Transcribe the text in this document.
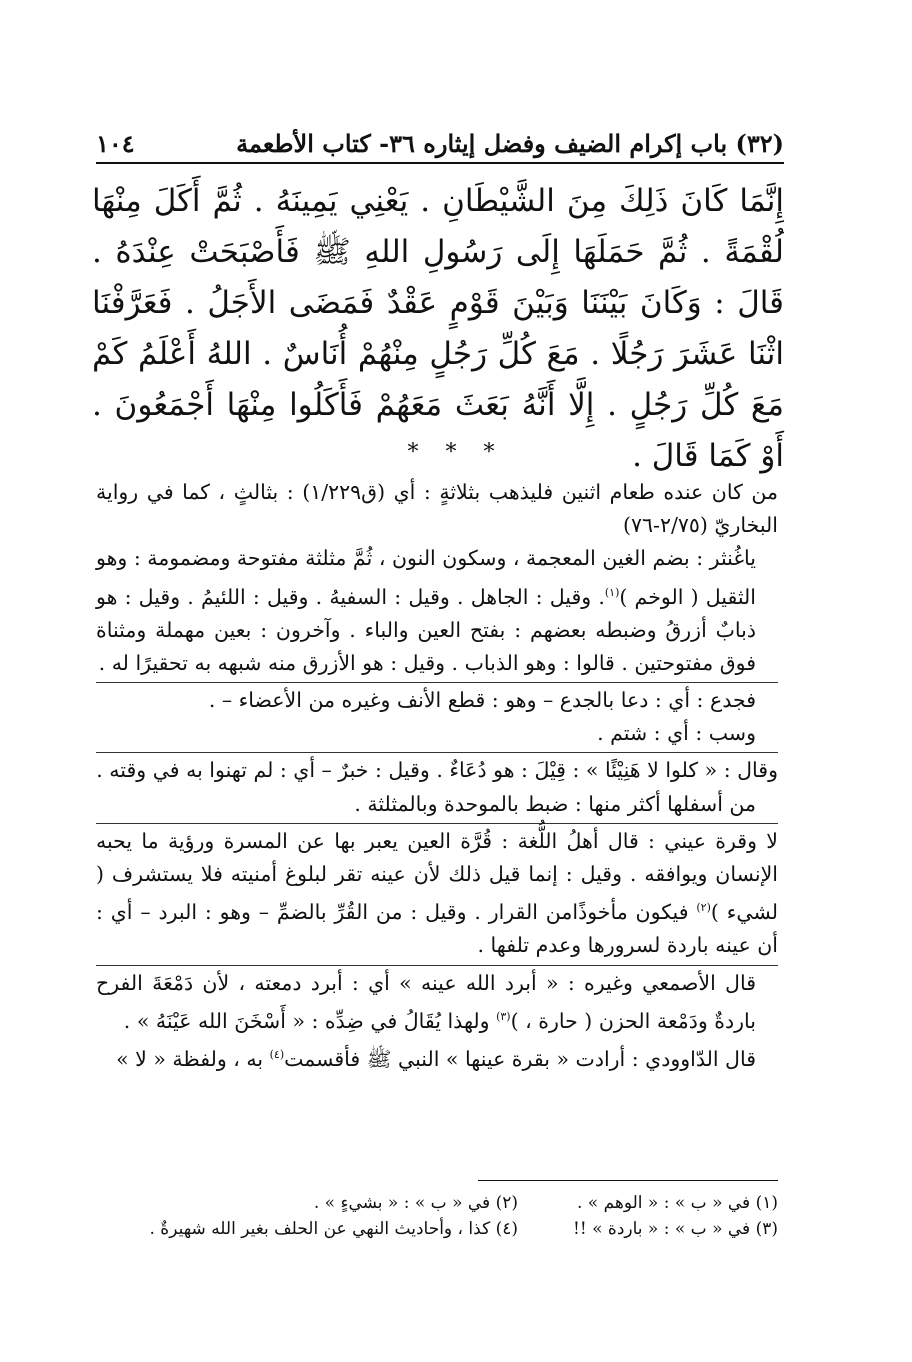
(٣٢) باب إكرام الضيف وفضل إيثاره ٣٦- كتاب الأطعمة
١٠٤
إِنَّمَا كَانَ ذَلِكَ مِنَ الشَّيْطَانِ . يَعْنِي يَمِينَهُ . ثُمَّ أَكَلَ مِنْهَا لُقْمَةً . ثُمَّ حَمَلَهَا إِلَى رَسُولِ اللهِ ﷺ فَأَصْبَحَتْ عِنْدَهُ . قَالَ : وَكَانَ بَيْنَنَا وَبَيْنَ قَوْمٍ عَقْدٌ فَمَضَى الأَجَلُ . فَعَرَّفْنَا اثْنَا عَشَرَ رَجُلًا . مَعَ كُلِّ رَجُلٍ مِنْهُمْ أُنَاسٌ . اللهُ أَعْلَمُ كَمْ مَعَ كُلِّ رَجُلٍ . إِلَّا أَنَّهُ بَعَثَ مَعَهُمْ فَأَكَلُوا مِنْهَا أَجْمَعُونَ . أَوْ كَمَا قَالَ .
* * *

من كان عنده طعام اثنين فليذهب بثلاثةٍ : أي (ق١/٢٢٩) : بثالثٍ ، كما في رواية البخاريّ (٢/٧٥-٧٦)

ياغُنثر : بضم الغين المعجمة ، وسكون النون ، ثُمَّ مثلثة مفتوحة ومضمومة : وهو الثقيل ( الوخم )$^{(١)}$. وقيل : الجاهل . وقيل : السفيهُ . وقيل : اللئيمُ . وقيل : هو ذبابٌ أزرقُ وضبطه بعضهم : بفتح العين والباء . وآخرون : بعين مهملة ومثناة فوق مفتوحتين . قالوا : وهو الذباب . وقيل : هو الأزرق منه شبهه به تحقيرًا له .

فجدع : أي : دعا بالجدع – وهو : قطع الأنف وغيره من الأعضاء – .

وسب : أي : شتم .

وقال : « كلوا لا هَنِيْئًا » : قِيْلَ : هو دُعَاءٌ . وقيل : خبرٌ – أي : لم تهنوا به في وقته .

من أسفلها أكثر منها : ضبط بالموحدة وبالمثلثة .

لا وقرة عيني : قال أهلُ اللُّغة : قُرَّة العين يعبر بها عن المسرة ورؤية ما يحبه الإنسان ويوافقه . وقيل : إنما قيل ذلك لأن عينه تقر لبلوغ أمنيته فلا يستشرف ( لشيء )$^{(٢)}$ فيكون مأخوذًامن القرار . وقيل : من القُرِّ بالضمِّ – وهو : البرد – أي : أن عينه باردة لسرورها وعدم تلفها .

قال الأصمعي وغيره : « أبرد الله عينه » أي : أبرد دمعته ، لأن دَمْعَةَ الفرح باردةٌ ودَمْعة الحزن ( حارة ، )$^{(٣)}$ ولهذا يُقَالُ في ضِدِّه : « أَسْخَنَ الله عَيْنَهُ » .

قال الدّاوودي : أرادت « بقرة عينها » النبي ﷺ فأقسمت$^{(٤)}$ به ، ولفظة « لا »

(١) في « ب » : « الوهم » .
(٢) في « ب » : « بشيءٍ » .
(٣) في « ب » : « باردة » !!
(٤) كذا ، وأحاديث النهي عن الحلف بغير الله شهيرةٌ .
